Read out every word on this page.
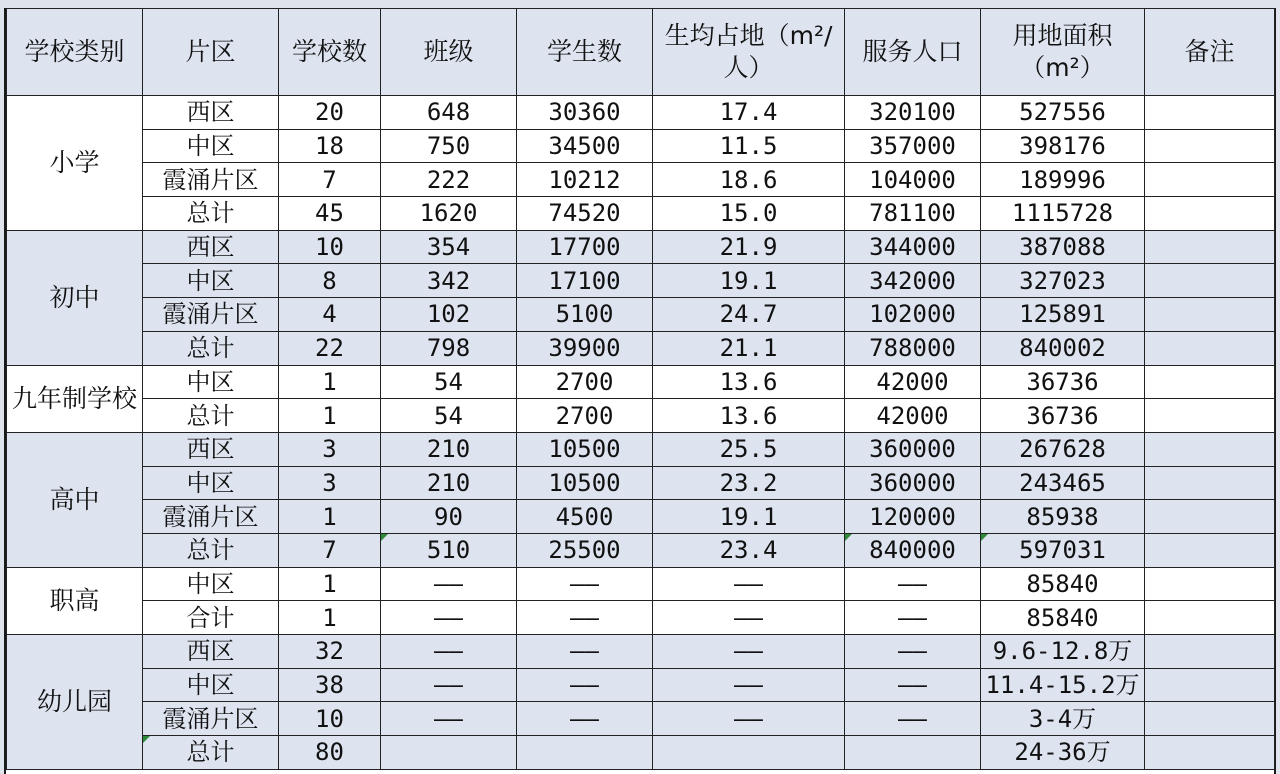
学校类别	片区	学校数	班级	学生数	生均占地（m²/人）	服务人口	用地面积（m²）	备注
小学	西区	20	648	30360	17.4	320100	527556	
	中区	18	750	34500	11.5	357000	398176	
	霞涌片区	7	222	10212	18.6	104000	189996	
	总计	45	1620	74520	15.0	781100	1115728	
初中	西区	10	354	17700	21.9	344000	387088	
	中区	8	342	17100	19.1	342000	327023	
	霞涌片区	4	102	5100	24.7	102000	125891	
	总计	22	798	39900	21.1	788000	840002	
九年制学校	中区	1	54	2700	13.6	42000	36736	
	总计	1	54	2700	13.6	42000	36736	
高中	西区	3	210	10500	25.5	360000	267628	
	中区	3	210	10500	23.2	360000	243465	
	霞涌片区	1	90	4500	19.1	120000	85938	
	总计	7	510	25500	23.4	840000	597031	
职高	中区	1	——	——	——	——	85840	
	合计	1	——	——	——	——	85840	
幼儿园	西区	32	——	——	——	——	9.6-12.8万	
	中区	38	——	——	——	——	11.4-15.2万	
	霞涌片区	10	——	——	——	——	3-4万	
	总计	80					24-36万	
